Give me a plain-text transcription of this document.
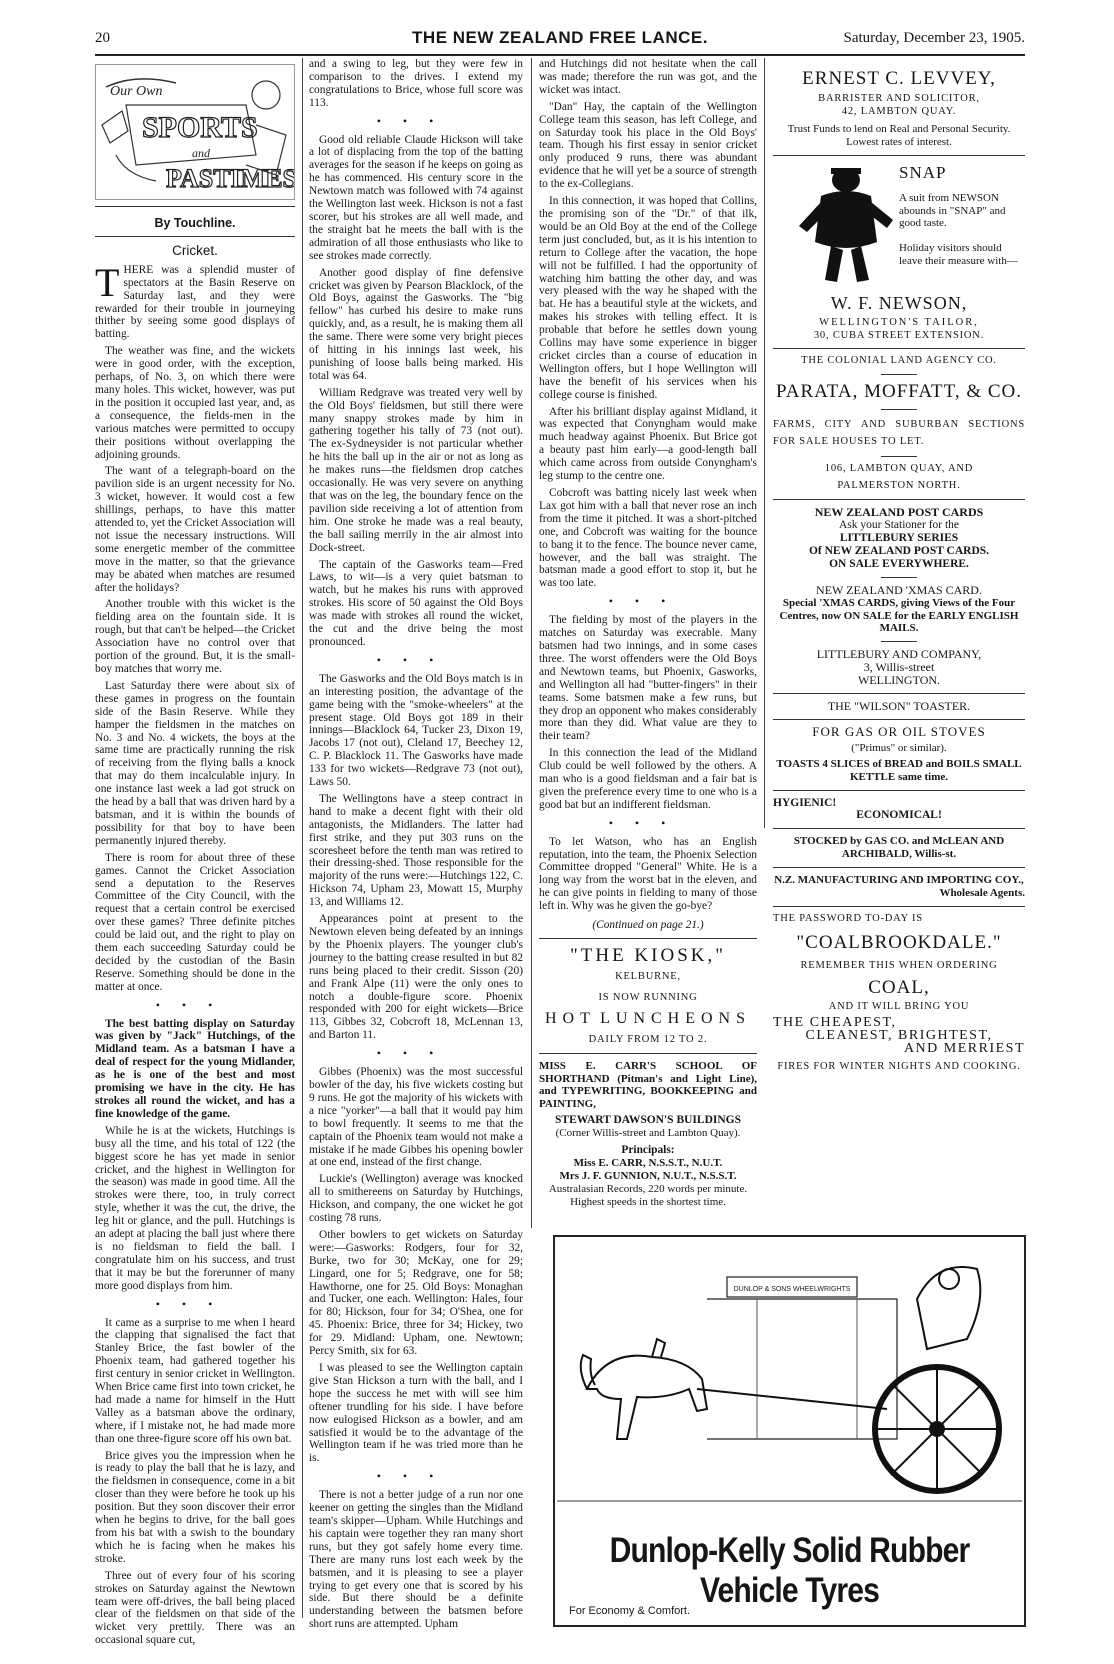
20	THE NEW ZEALAND FREE LANCE.	Saturday, December 23, 1905.
Our Own
SPORTS
and
PASTIMES
By Touchline.
Cricket.

THERE was a splendid muster of spectators at the Basin Reserve on Saturday last, and they were rewarded for their trouble in journeying thither by seeing some good displays of batting.

The weather was fine, and the wickets were in good order, with the exception, perhaps, of No. 3, on which there were many holes. This wicket, however, was put in the position it occupied last year, and, as a consequence, the fields-men in the various matches were permitted to occupy their positions without overlapping the adjoining grounds.

The want of a telegraph-board on the pavilion side is an urgent necessity for No. 3 wicket, however. It would cost a few shillings, perhaps, to have this matter attended to, yet the Cricket Association will not issue the necessary instructions. Will some energetic member of the committee move in the matter, so that the grievance may be abated when matches are resumed after the holidays?

Another trouble with this wicket is the fielding area on the fountain side. It is rough, but that can't be helped—the Cricket Association have no control over that portion of the ground. But, it is the small-boy matches that worry me.

Last Saturday there were about six of these games in progress on the fountain side of the Basin Reserve. While they hamper the fieldsmen in the matches on No. 3 and No. 4 wickets, the boys at the same time are practically running the risk of receiving from the flying balls a knock that may do them incalculable injury. In one instance last week a lad got struck on the head by a ball that was driven hard by a batsman, and it is within the bounds of possibility for that boy to have been permanently injured thereby.

There is room for about three of these games. Cannot the Cricket Association send a deputation to the Reserves Committee of the City Council, with the request that a certain control be exercised over these games? Three definite pitches could be laid out, and the right to play on them each succeeding Saturday could be decided by the custodian of the Basin Reserve. Something should be done in the matter at once.

•••

The best batting display on Saturday was given by "Jack" Hutchings, of the Midland team. As a batsman I have a deal of respect for the young Midlander, as he is one of the best and most promising we have in the city. He has strokes all round the wicket, and has a fine knowledge of the game.

While he is at the wickets, Hutchings is busy all the time, and his total of 122 (the biggest score he has yet made in senior cricket, and the highest in Wellington for the season) was made in good time. All the strokes were there, too, in truly correct style, whether it was the cut, the drive, the leg hit or glance, and the pull. Hutchings is an adept at placing the ball just where there is no fieldsman to field the ball. I congratulate him on his success, and trust that it may be but the forerunner of many more good displays from him.

•••

It came as a surprise to me when I heard the clapping that signalised the fact that Stanley Brice, the fast bowler of the Phoenix team, had gathered together his first century in senior cricket in Wellington. When Brice came first into town cricket, he had made a name for himself in the Hutt Valley as a batsman above the ordinary, where, if I mistake not, he had made more than one three-figure score off his own bat.

Brice gives you the impression when he is ready to play the ball that he is lazy, and the fieldsmen in consequence, come in a bit closer than they were before he took up his position. But they soon discover their error when he begins to drive, for the ball goes from his bat with a swish to the boundary which he is facing when he makes his stroke.

Three out of every four of his scoring strokes on Saturday against the Newtown team were off-drives, the ball being placed clear of the fieldsmen on that side of the wicket very prettily. There was an occasional square cut,

and a swing to leg, but they were few in comparison to the drives. I extend my congratulations to Brice, whose full score was 113.

•••

Good old reliable Claude Hickson will take a lot of displacing from the top of the batting averages for the season if he keeps on going as he has commenced. His century score in the Newtown match was followed with 74 against the Wellington last week. Hickson is not a fast scorer, but his strokes are all well made, and the straight bat he meets the ball with is the admiration of all those enthusiasts who like to see strokes made correctly.

Another good display of fine defensive cricket was given by Pearson Blacklock, of the Old Boys, against the Gasworks. The "big fellow" has curbed his desire to make runs quickly, and, as a result, he is making them all the same. There were some very bright pieces of hitting in his innings last week, his punishing of loose balls being marked. His total was 64.

William Redgrave was treated very well by the Old Boys' fieldsmen, but still there were many snappy strokes made by him in gathering together his tally of 73 (not out). The ex-Sydneysider is not particular whether he hits the ball up in the air or not as long as he makes runs—the fieldsmen drop catches occasionally. He was very severe on anything that was on the leg, the boundary fence on the pavilion side receiving a lot of attention from him. One stroke he made was a real beauty, the ball sailing merrily in the air almost into Dock-street.

The captain of the Gasworks team—Fred Laws, to wit—is a very quiet batsman to watch, but he makes his runs with approved strokes. His score of 50 against the Old Boys was made with strokes all round the wicket, the cut and the drive being the most pronounced.

•••

The Gasworks and the Old Boys match is in an interesting position, the advantage of the game being with the "smoke-wheelers" at the present stage. Old Boys got 189 in their innings—Blacklock 64, Tucker 23, Dixon 19, Jacobs 17 (not out), Cleland 17, Beechey 12, C. P. Blacklock 11. The Gasworks have made 133 for two wickets—Redgrave 73 (not out), Laws 50.

The Wellingtons have a steep contract in hand to make a decent fight with their old antagonists, the Midlanders. The latter had first strike, and they put 303 runs on the scoresheet before the tenth man was retired to their dressing-shed. Those responsible for the majority of the runs were:—Hutchings 122, C. Hickson 74, Upham 23, Mowatt 15, Murphy 13, and Williams 12.

Appearances point at present to the Newtown eleven being defeated by an innings by the Phoenix players. The younger club's journey to the batting crease resulted in but 82 runs being placed to their credit. Sisson (20) and Frank Alpe (11) were the only ones to notch a double-figure score. Phoenix responded with 200 for eight wickets—Brice 113, Gibbes 32, Cobcroft 18, McLennan 13, and Barton 11.

•••

Gibbes (Phoenix) was the most successful bowler of the day, his five wickets costing but 9 runs. He got the majority of his wickets with a nice "yorker"—a ball that it would pay him to bowl frequently. It seems to me that the captain of the Phoenix team would not make a mistake if he made Gibbes his opening bowler at one end, instead of the first change.

Luckie's (Wellington) average was knocked all to smithereens on Saturday by Hutchings, Hickson, and company, the one wicket he got costing 78 runs.

Other bowlers to get wickets on Saturday were:—Gasworks: Rodgers, four for 32, Burke, two for 30; McKay, one for 29; Lingard, one for 5; Redgrave, one for 58; Hawthorne, one for 25. Old Boys: Monaghan and Tucker, one each. Wellington: Hales, four for 80; Hickson, four for 34; O'Shea, one for 45. Phoenix: Brice, three for 34; Hickey, two for 29. Midland: Upham, one. Newtown; Percy Smith, six for 63.

I was pleased to see the Wellington captain give Stan Hickson a turn with the ball, and I hope the success he met with will see him oftener trundling for his side. I have before now eulogised Hickson as a bowler, and am satisfied it would be to the advantage of the Wellington team if he was tried more than he is.

•••

There is not a better judge of a run nor one keener on getting the singles than the Midland team's skipper—Upham. While Hutchings and his captain were together they ran many short runs, but they got safely home every time. There are many runs lost each week by the batsmen, and it is pleasing to see a player trying to get every one that is scored by his side. But there should be a definite understanding between the batsmen before short runs are attempted. Upham

and Hutchings did not hesitate when the call was made; therefore the run was got, and the wicket was intact.

"Dan" Hay, the captain of the Wellington College team this season, has left College, and on Saturday took his place in the Old Boys' team. Though his first essay in senior cricket only produced 9 runs, there was abundant evidence that he will yet be a source of strength to the ex-Collegians.

In this connection, it was hoped that Collins, the promising son of the "Dr." of that ilk, would be an Old Boy at the end of the College term just concluded, but, as it is his intention to return to College after the vacation, the hope will not be fulfilled. I had the opportunity of watching him batting the other day, and was very pleased with the way he shaped with the bat. He has a beautiful style at the wickets, and makes his strokes with telling effect. It is probable that before he settles down young Collins may have some experience in bigger cricket circles than a course of education in Wellington offers, but I hope Wellington will have the benefit of his services when his college course is finished.

After his brilliant display against Midland, it was expected that Conyngham would make much headway against Phoenix. But Brice got a beauty past him early—a good-length ball which came across from outside Conyngham's leg stump to the centre one.

Cobcroft was batting nicely last week when Lax got him with a ball that never rose an inch from the time it pitched. It was a short-pitched one, and Cobcroft was waiting for the bounce to bang it to the fence. The bounce never came, however, and the ball was straight. The batsman made a good effort to stop it, but he was too late.

•••

The fielding by most of the players in the matches on Saturday was execrable. Many batsmen had two innings, and in some cases three. The worst offenders were the Old Boys and Newtown teams, but Phoenix, Gasworks, and Wellington all had "butter-fingers" in their teams. Some batsmen make a few runs, but they drop an opponent who makes considerably more than they did. What value are they to their team?

In this connection the lead of the Midland Club could be well followed by the others. A man who is a good fieldsman and a fair bat is given the preference every time to one who is a good bat but an indifferent fieldsman.

•••

To let Watson, who has an English reputation, into the team, the Phoenix Selection Committee dropped "General" White. He is a long way from the worst bat in the eleven, and he can give points in fielding to many of those left in. Why was he given the go-bye?

(Continued on page 21.)
"THE KIOSK,"
KELBURNE,
IS NOW RUNNING
HOT LUNCHEONS
DAILY FROM 12 TO 2.
MISS E. CARR'S SCHOOL OF SHORTHAND (Pitman's and Light Line), and TYPEWRITING, BOOKKEEPING and PAINTING,
STEWART DAWSON'S BUILDINGS
(Corner Willis-street and Lambton Quay).
Principals:
Miss E. CARR, N.S.S.T., N.U.T.
Mrs J. F. GUNNION, N.U.T., N.S.S.T.
Australasian Records, 220 words per minute.
Highest speeds in the shortest time.
ERNEST C. LEVVEY,
BARRISTER AND SOLICITOR,
42, LAMBTON QUAY.
Trust Funds to lend on Real and Personal Security. Lowest rates of interest.
SNAP
A suit from NEWSON abounds in "SNAP" and good taste.
Holiday visitors should leave their measure with—
W. F. NEWSON,
WELLINGTON'S TAILOR,
30, CUBA STREET EXTENSION.
THE COLONIAL LAND AGENCY CO.
PARATA, MOFFATT, & CO.
FARMS, CITY AND SUBURBAN SECTIONS FOR SALE HOUSES TO LET.
106, LAMBTON QUAY, AND
PALMERSTON NORTH.
NEW ZEALAND POST CARDS
Ask your Stationer for the
LITTLEBURY SERIES
Of NEW ZEALAND POST CARDS.
ON SALE EVERYWHERE.
NEW ZEALAND 'XMAS CARD.
Special 'XMAS CARDS, giving Views of the Four Centres, now ON SALE for the EARLY ENGLISH MAILS.
LITTLEBURY AND COMPANY,
3, Willis-street
WELLINGTON.
THE "WILSON" TOASTER.
FOR GAS OR OIL STOVES
("Primus" or similar).
TOASTS 4 SLICES of BREAD and BOILS SMALL KETTLE same time.
HYGIENIC!
ECONOMICAL!
STOCKED by GAS CO. and McLEAN AND ARCHIBALD, Willis-st.
N.Z. MANUFACTURING AND IMPORTING COY.,
Wholesale Agents.
THE PASSWORD TO-DAY IS
"COALBROOKDALE."
REMEMBER THIS WHEN ORDERING
COAL,
AND IT WILL BRING YOU
THE CHEAPEST,
CLEANEST, BRIGHTEST,
AND MERRIEST
FIRES FOR WINTER NIGHTS AND COOKING.
DUNLOP & SONS WHEELWRIGHTS
Dunlop-Kelly Solid Rubber
Vehicle Tyres
For Economy & Comfort.
